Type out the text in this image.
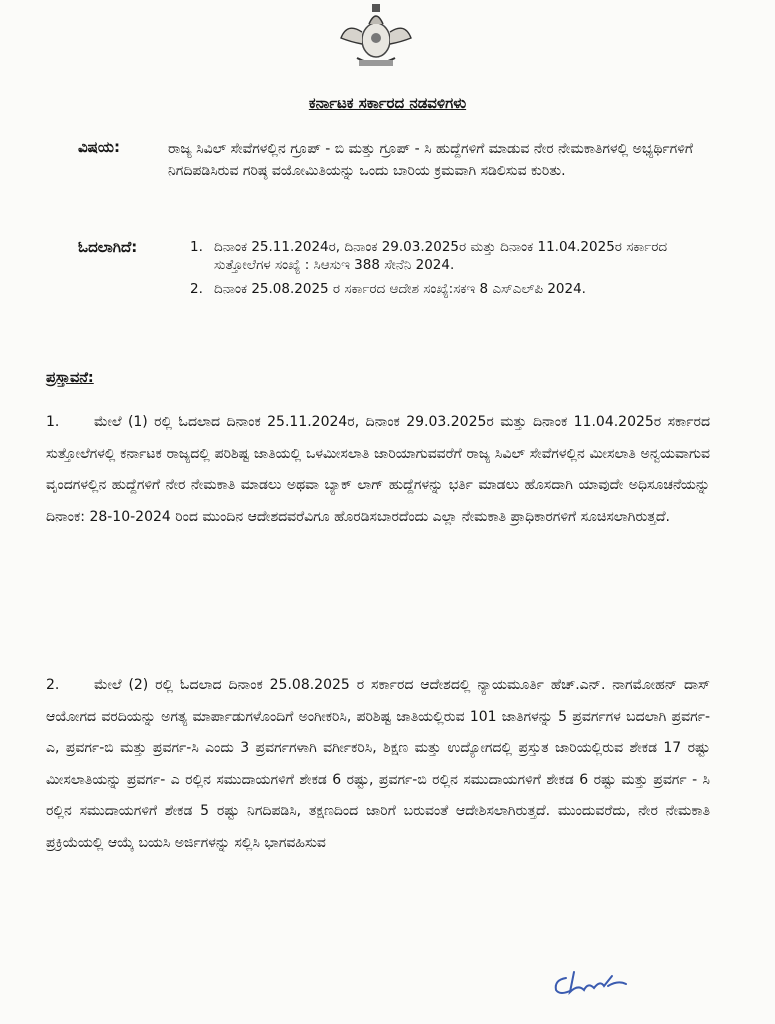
ಕರ್ನಾಟಕ ಸರ್ಕಾರದ ನಡವಳಿಗಳು
ವಿಷಯ:	ರಾಜ್ಯ ಸಿವಿಲ್ ಸೇವೆಗಳಲ್ಲಿನ ಗ್ರೂಪ್ - ಬಿ ಮತ್ತು ಗ್ರೂಪ್ - ಸಿ ಹುದ್ದೆಗಳಿಗೆ ಮಾಡುವ ನೇರ ನೇಮಕಾತಿಗಳಲ್ಲಿ ಅಭ್ಯರ್ಥಿಗಳಿಗೆ ನಿಗದಿಪಡಿಸಿರುವ ಗರಿಷ್ಠ ವಯೋಮಿತಿಯನ್ನು ಒಂದು ಬಾರಿಯ ಕ್ರಮವಾಗಿ ಸಡಿಲಿಸುವ ಕುರಿತು.
ಓದಲಾಗಿದೆ:	1. ದಿನಾಂಕ 25.11.2024ರ, ದಿನಾಂಕ 29.03.2025ರ ಮತ್ತು ದಿನಾಂಕ 11.04.2025ರ ಸರ್ಕಾರದ ಸುತ್ತೋಲೆಗಳ ಸಂಖ್ಯೆ : ಸಿಆಸುಇ 388 ಸೇನೆನಿ 2024.
2. ದಿನಾಂಕ 25.08.2025 ರ ಸರ್ಕಾರದ ಆದೇಶ ಸಂಖ್ಯೆ:ಸಕಇ 8 ಎಸ್‌ಎಲ್‌ಪಿ 2024.
ಪ್ರಸ್ತಾವನೆ:
1. ಮೇಲೆ (1) ರಲ್ಲಿ ಓದಲಾದ ದಿನಾಂಕ 25.11.2024ರ, ದಿನಾಂಕ 29.03.2025ರ ಮತ್ತು ದಿನಾಂಕ 11.04.2025ರ ಸರ್ಕಾರದ ಸುತ್ತೋಲೆಗಳಲ್ಲಿ ಕರ್ನಾಟಕ ರಾಜ್ಯದಲ್ಲಿ ಪರಿಶಿಷ್ಟ ಜಾತಿಯಲ್ಲಿ ಒಳಮೀಸಲಾತಿ ಜಾರಿಯಾಗುವವರೆಗೆ ರಾಜ್ಯ ಸಿವಿಲ್ ಸೇವೆಗಳಲ್ಲಿನ ಮೀಸಲಾತಿ ಅನ್ವಯವಾಗುವ ವೃಂದಗಳಲ್ಲಿನ ಹುದ್ದೆಗಳಿಗೆ ನೇರ ನೇಮಕಾತಿ ಮಾಡಲು ಅಥವಾ ಬ್ಯಾಕ್ ಲಾಗ್ ಹುದ್ದೆಗಳನ್ನು ಭರ್ತಿ ಮಾಡಲು ಹೊಸದಾಗಿ ಯಾವುದೇ ಅಧಿಸೂಚನೆಯನ್ನು ದಿನಾಂಕ: 28-10-2024 ರಿಂದ ಮುಂದಿನ ಆದೇಶದವರೆವಿಗೂ ಹೊರಡಿಸಬಾರದೆಂದು ಎಲ್ಲಾ ನೇಮಕಾತಿ ಪ್ರಾಧಿಕಾರಗಳಿಗೆ ಸೂಚಿಸಲಾಗಿರುತ್ತದೆ.
2. ಮೇಲೆ (2) ರಲ್ಲಿ ಓದಲಾದ ದಿನಾಂಕ 25.08.2025 ರ ಸರ್ಕಾರದ ಆದೇಶದಲ್ಲಿ ನ್ಯಾಯಮೂರ್ತಿ ಹೆಚ್.ಎನ್. ನಾಗಮೋಹನ್ ದಾಸ್ ಆಯೋಗದ ವರದಿಯನ್ನು ಅಗತ್ಯ ಮಾರ್ಪಾಡುಗಳೊಂದಿಗೆ ಅಂಗೀಕರಿಸಿ, ಪರಿಶಿಷ್ಟ ಜಾತಿಯಲ್ಲಿರುವ 101 ಜಾತಿಗಳನ್ನು 5 ಪ್ರವರ್ಗಗಳ ಬದಲಾಗಿ ಪ್ರವರ್ಗ- ಎ, ಪ್ರವರ್ಗ-ಬಿ ಮತ್ತು ಪ್ರವರ್ಗ-ಸಿ ಎಂದು 3 ಪ್ರವರ್ಗಗಳಾಗಿ ವರ್ಗೀಕರಿಸಿ, ಶಿಕ್ಷಣ ಮತ್ತು ಉದ್ಯೋಗದಲ್ಲಿ ಪ್ರಸ್ತುತ ಜಾರಿಯಲ್ಲಿರುವ ಶೇಕಡ 17 ರಷ್ಟು ಮೀಸಲಾತಿಯನ್ನು ಪ್ರವರ್ಗ- ಎ ರಲ್ಲಿನ ಸಮುದಾಯಗಳಿಗೆ ಶೇಕಡ 6 ರಷ್ಟು, ಪ್ರವರ್ಗ-ಬಿ ರಲ್ಲಿನ ಸಮುದಾಯಗಳಿಗೆ ಶೇಕಡ 6 ರಷ್ಟು ಮತ್ತು ಪ್ರವರ್ಗ - ಸಿ ರಲ್ಲಿನ ಸಮುದಾಯಗಳಿಗೆ ಶೇಕಡ 5 ರಷ್ಟು ನಿಗದಿಪಡಿಸಿ, ತಕ್ಷಣದಿಂದ ಜಾರಿಗೆ ಬರುವಂತೆ ಆದೇಶಿಸಲಾಗಿರುತ್ತದೆ. ಮುಂದುವರೆದು, ನೇರ ನೇಮಕಾತಿ ಪ್ರಕ್ರಿಯೆಯಲ್ಲಿ ಆಯ್ಕೆ ಬಯಸಿ ಅರ್ಜಿಗಳನ್ನು ಸಲ್ಲಿಸಿ ಭಾಗವಹಿಸುವ
